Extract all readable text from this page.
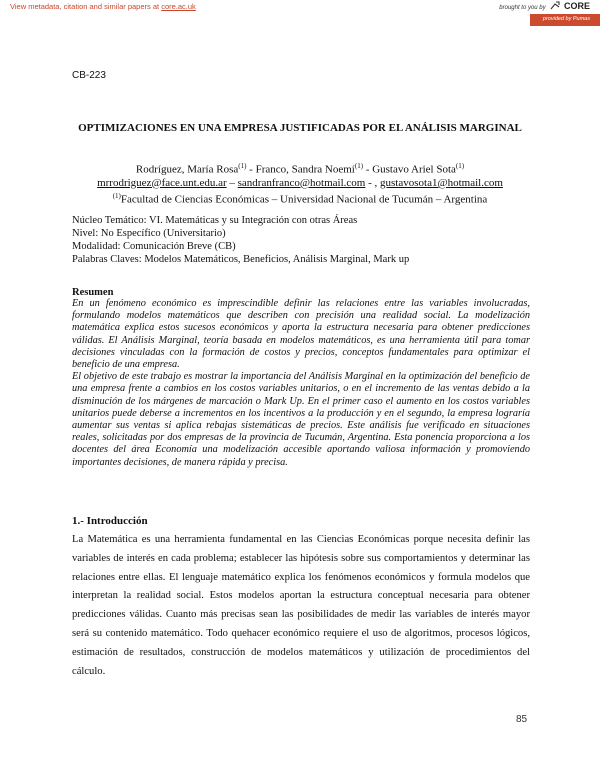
View metadata, citation and similar papers at core.ac.uk	brought to you by CORE
provided by Pumas
CB-223
OPTIMIZACIONES EN UNA EMPRESA JUSTIFICADAS POR EL ANÁLISIS MARGINAL
Rodríguez, María Rosa$^{(1)}$ - Franco, Sandra Noemí$^{(1)}$ - Gustavo Ariel Sota$^{(1)}$
mrrodriguez@face.unt.edu.ar – sandranfranco@hotmail.com - , gustavosota1@hotmail.com
$^{(1)}$Facultad de Ciencias Económicas – Universidad Nacional de Tucumán – Argentina
Núcleo Temático: VI. Matemáticas y su Integración con otras Áreas
Nivel: No Específico (Universitario)
Modalidad: Comunicación Breve (CB)
Palabras Claves: Modelos Matemáticos, Beneficios, Análisis Marginal, Mark up
Resumen

En un fenómeno económico es imprescindible definir las relaciones entre las variables involucradas, formulando modelos matemáticos que describen con precisión una realidad social. La modelización matemática explica estos sucesos económicos y aporta la estructura necesaria para obtener predicciones válidas. El Análisis Marginal, teoría basada en modelos matemáticos, es una herramienta útil para tomar decisiones vinculadas con la formación de costos y precios, conceptos fundamentales para optimizar el beneficio de una empresa.

El objetivo de este trabajo es mostrar la importancia del Análisis Marginal en la optimización del beneficio de una empresa frente a cambios en los costos variables unitarios, o en el incremento de las ventas debido a la disminución de los márgenes de marcación o Mark Up. En el primer caso el aumento en los costos variables unitarios puede deberse a incrementos en los incentivos a la producción y en el segundo, la empresa lograría aumentar sus ventas si aplica rebajas sistemáticas de precios. Este análisis fue verificado en situaciones reales, solicitadas por dos empresas de la provincia de Tucumán, Argentina. Esta ponencia proporciona a los docentes del área Economía una modelización accesible aportando valiosa información y promoviendo importantes decisiones, de manera rápida y precisa.

1.- Introducción
La Matemática es una herramienta fundamental en las Ciencias Económicas porque necesita definir las variables de interés en cada problema; establecer las hipótesis sobre sus comportamientos y determinar las relaciones entre ellas. El lenguaje matemático explica los fenómenos económicos y formula modelos que interpretan la realidad social. Estos modelos aportan la estructura conceptual necesaria para obtener predicciones válidas. Cuanto más precisas sean las posibilidades de medir las variables de interés mayor será su contenido matemático. Todo quehacer económico requiere el uso de algoritmos, procesos lógicos, estimación de resultados, construcción de modelos matemáticos y utilización de procedimientos del cálculo.
85
